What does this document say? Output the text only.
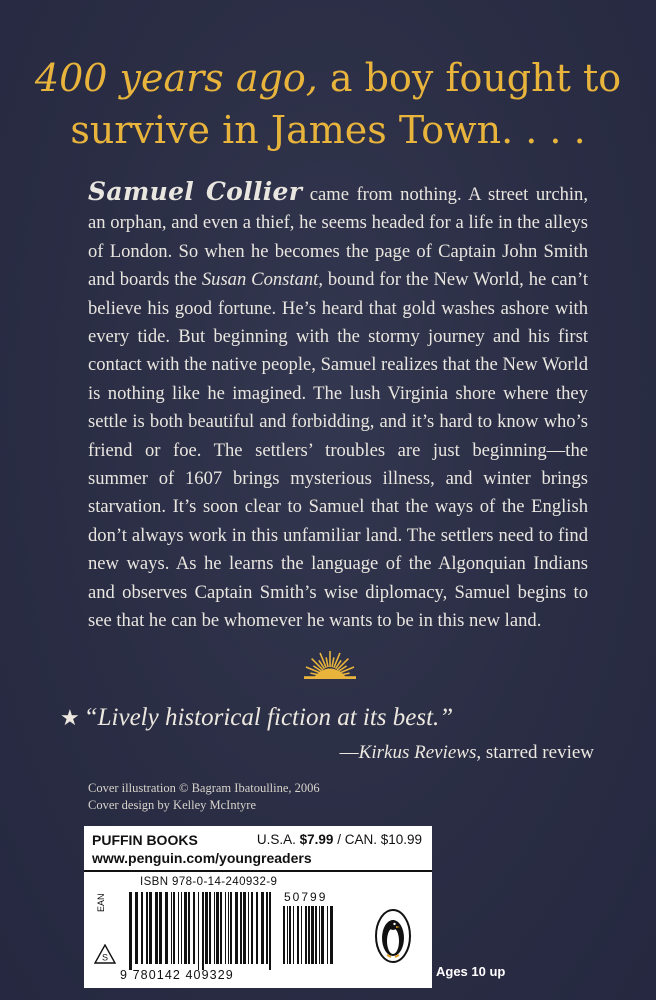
400 years ago, a boy fought to
survive in James Town. . . .

Samuel Collier came from nothing. A street urchin, an orphan, and even a thief, he seems headed for a life in the alleys of London. So when he becomes the page of Captain John Smith and boards the Susan Constant, bound for the New World, he can’t believe his good fortune. He’s heard that gold washes ashore with every tide. But beginning with the stormy journey and his first contact with the native people, Samuel realizes that the New World is nothing like he imagined. The lush Virginia shore where they settle is both beautiful and forbidding, and it’s hard to know who’s friend or foe. The settlers’ troubles are just beginning—the summer of 1607 brings mysterious illness, and winter brings starvation. It’s soon clear to Samuel that the ways of the English don’t always work in this unfamiliar land. The settlers need to find new ways. As he learns the language of the Algonquian Indians and observes Captain Smith’s wise diplomacy, Samuel begins to see that he can be whomever he wants to be in this new land.

★ “Lively historical fiction at its best.”
—Kirkus Reviews, starred review
Cover illustration © Bagram Ibatoulline, 2006
Cover design by Kelley McIntyre
PUFFIN BOOKS	U.S.A. $7.99 / CAN. $10.99
www.penguin.com/youngreaders
ISBN 978-0-14-240932-9
EAN	50799
9 780142 409329
S
Ages 10 up
